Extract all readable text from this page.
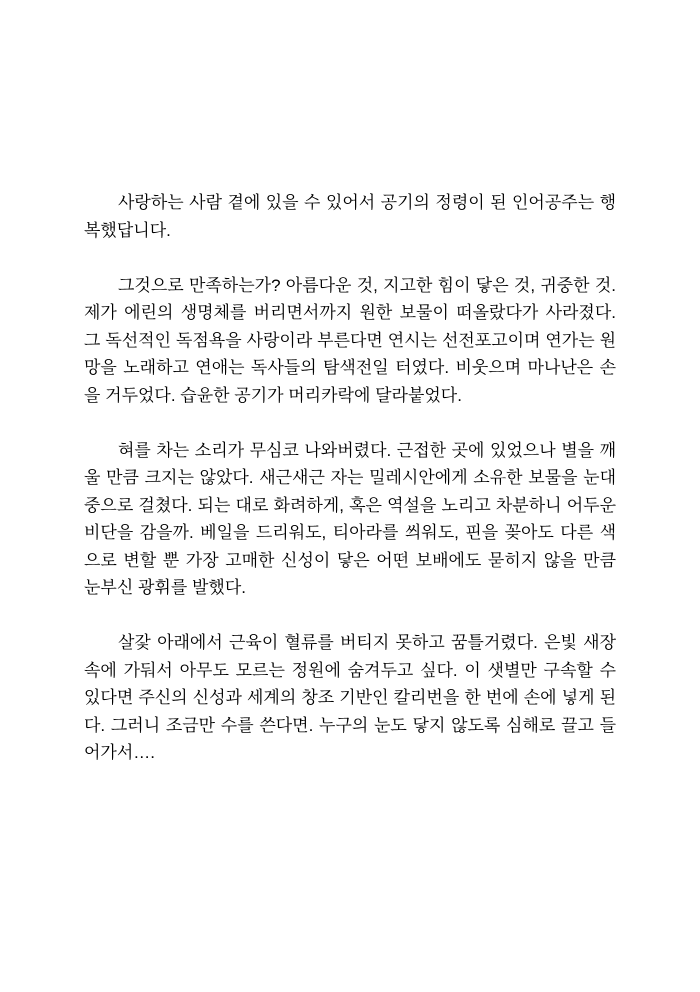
사랑하는 사람 곁에 있을 수 있어서 공기의 정령이 된 인어공주는 행복했답니다.

그것으로 만족하는가? 아름다운 것, 지고한 힘이 닿은 것, 귀중한 것. 제가 에린의 생명체를 버리면서까지 원한 보물이 떠올랐다가 사라졌다. 그 독선적인 독점욕을 사랑이라 부른다면 연시는 선전포고이며 연가는 원망을 노래하고 연애는 독사들의 탐색전일 터였다. 비웃으며 마나난은 손을 거두었다. 습윤한 공기가 머리카락에 달라붙었다.

혀를 차는 소리가 무심코 나와버렸다. 근접한 곳에 있었으나 별을 깨울 만큼 크지는 않았다. 새근새근 자는 밀레시안에게 소유한 보물을 눈대중으로 걸쳤다. 되는 대로 화려하게, 혹은 역설을 노리고 차분하니 어두운 비단을 감을까. 베일을 드리워도, 티아라를 씌워도, 핀을 꽂아도 다른 색으로 변할 뿐 가장 고매한 신성이 닿은 어떤 보배에도 묻히지 않을 만큼 눈부신 광휘를 발했다.

살갗 아래에서 근육이 혈류를 버티지 못하고 꿈틀거렸다. 은빛 새장 속에 가둬서 아무도 모르는 정원에 숨겨두고 싶다. 이 샛별만 구속할 수 있다면 주신의 신성과 세계의 창조 기반인 칼리번을 한 번에 손에 넣게 된다. 그러니 조금만 수를 쓴다면. 누구의 눈도 닿지 않도록 심해로 끌고 들어가서….
